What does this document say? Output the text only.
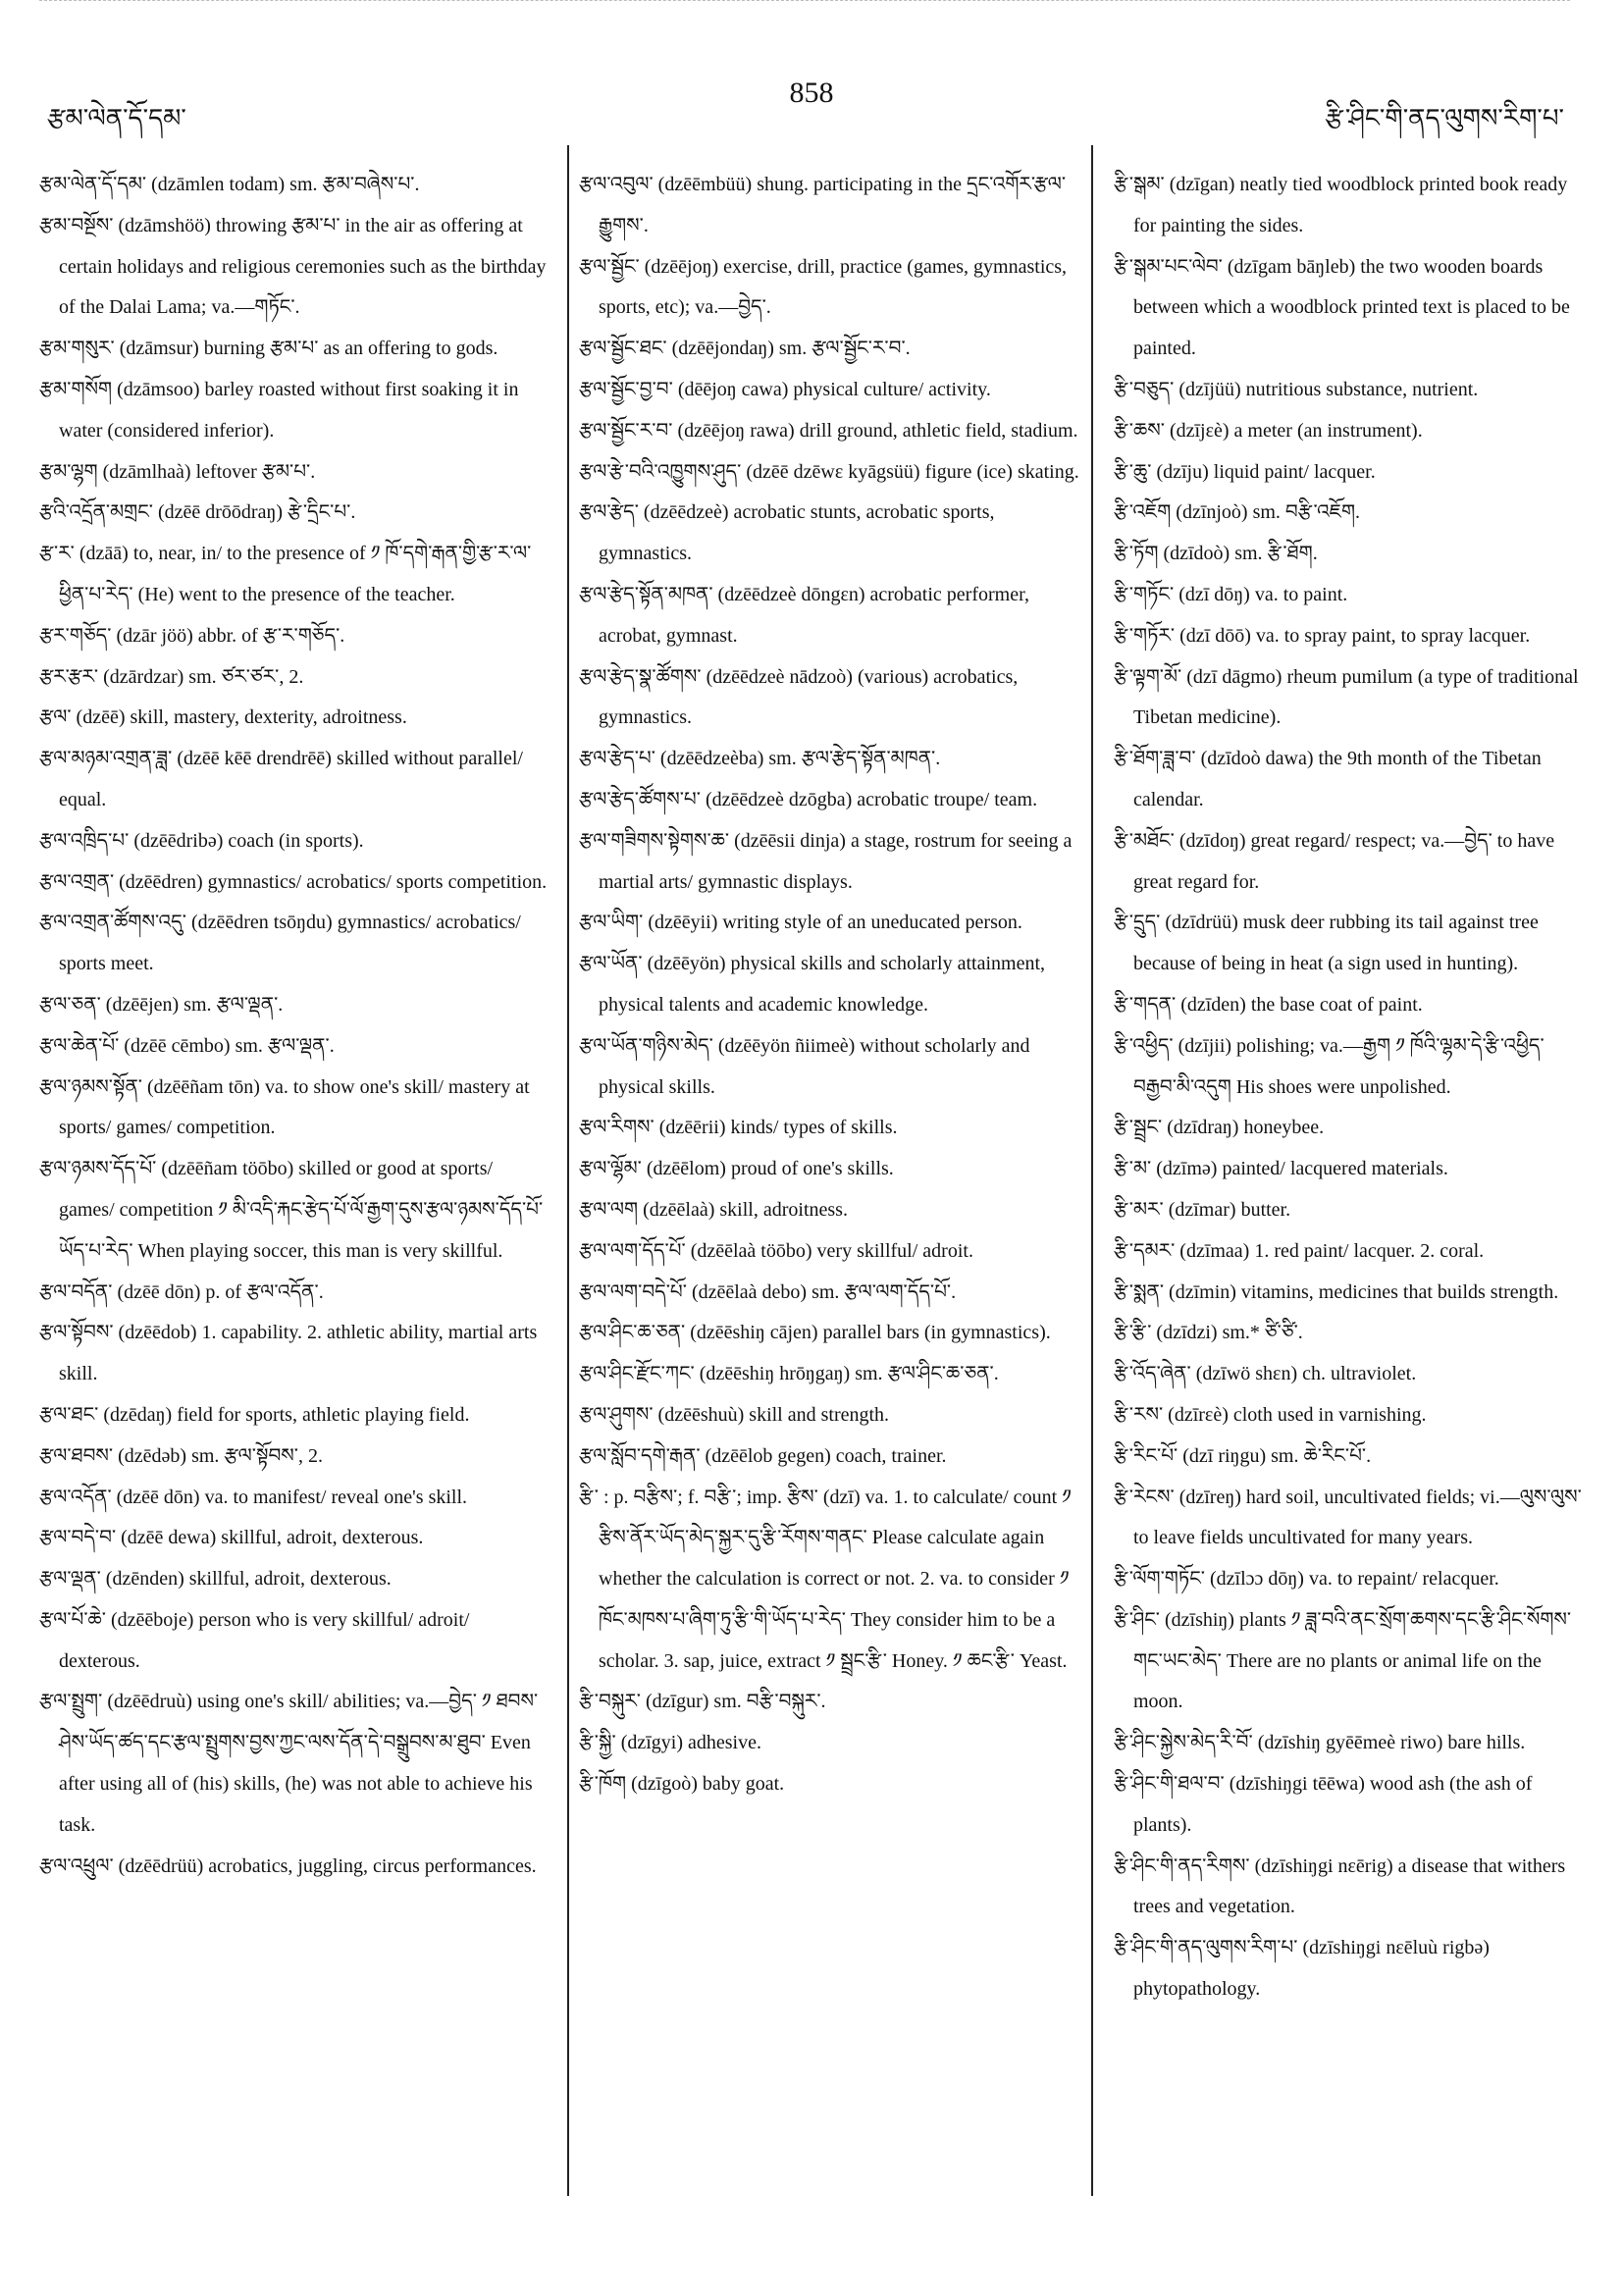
རྩམ་ལེན་དོ་དམ་
858
རྩི་ཤིང་གི་ནད་ལུགས་རིག་པ་

རྩམ་ལེན་དོ་དམ་ (dzāmlen todam) sm. རྩམ་བཞེས་པ་.

རྩམ་བསྔོས་ (dzāmshöö) throwing རྩམ་པ་ in the air as offering at certain holidays and religious ceremonies such as the birthday of the Dalai Lama; va.—གཏོང་.

རྩམ་གསུར་ (dzāmsur) burning རྩམ་པ་ as an offering to gods.

རྩམ་གསོག (dzāmsoo) barley roasted without first soaking it in water (considered inferior).

རྩམ་ལྷག (dzāmlhaà) leftover རྩམ་པ་.

རྩའི་འདྲོན་མགྲང་ (dzēē drōōdraŋ) རྩེ་དྲིང་པ་.

རྩ་ར་ (dzāā) to, near, in/ to the presence of ༡ ཁོ་དགེ་རྒན་གྱི་རྩ་ར་ལ་ཕྱིན་པ་རེད་ (He) went to the presence of the teacher.

རྩར་གཅོད་ (dzār jöö) abbr. of རྩ་ར་གཅོད་.

རྩར་རྩར་ (dzārdzar) sm. ཙར་ཙར་, 2.

རྩལ་ (dzēē) skill, mastery, dexterity, adroitness.

རྩལ་མཉམ་འགྲན་ཟླ་ (dzēē kēē drendrēē) skilled without parallel/ equal.

རྩལ་འཁྲིད་པ་ (dzēēdribə) coach (in sports).

རྩལ་འགྲན་ (dzēēdren) gymnastics/ acrobatics/ sports competition.

རྩལ་འགྲན་ཚོགས་འདུ་ (dzēēdren tsōŋdu) gymnastics/ acrobatics/ sports meet.

རྩལ་ཅན་ (dzēējen) sm. རྩལ་ལྡན་.

རྩལ་ཆེན་པོ་ (dzēē cēmbo) sm. རྩལ་ལྡན་.

རྩལ་ཉམས་སྟོན་ (dzēēñam tōn) va. to show one's skill/ mastery at sports/ games/ competition.

རྩལ་ཉམས་དོད་པོ་ (dzēēñam töōbo) skilled or good at sports/ games/ competition ༡ མི་འདི་རྐང་རྩེད་པོ་ལོ་རྒྱག་དུས་རྩལ་ཉམས་དོད་པོ་ཡོད་པ་རེད་ When playing soccer, this man is very skillful.

རྩལ་བདོན་ (dzēē dōn) p. of རྩལ་འདོན་.

རྩལ་སྟོབས་ (dzēēdob) 1. capability. 2. athletic ability, martial arts skill.

རྩལ་ཐང་ (dzēdaŋ) field for sports, athletic playing field.

རྩལ་ཐབས་ (dzēdəb) sm. རྩལ་སྟོབས་, 2.

རྩལ་འདོན་ (dzēē dōn) va. to manifest/ reveal one's skill.

རྩལ་བདེ་བ་ (dzēē dewa) skillful, adroit, dexterous.

རྩལ་ལྡན་ (dzēnden) skillful, adroit, dexterous.

རྩལ་པོ་ཆེ་ (dzēēboje) person who is very skillful/ adroit/ dexterous.

རྩལ་སྤྲུག་ (dzēēdruù) using one's skill/ abilities; va.—བྱེད་ ༡ ཐབས་ཤེས་ཡོད་ཚད་དང་རྩལ་སྤྲུགས་བྱས་ཀྱང་ལས་དོན་དེ་བསྒྲུབས་མ་ཐུབ་ Even after using all of (his) skills, (he) was not able to achieve his task.

རྩལ་འཕྲུལ་ (dzēēdrüü) acrobatics, juggling, circus performances.

རྩལ་འབུལ་ (dzēēmbüü) shung. participating in the དྲང་འགོར་རྩལ་རྒྱུགས་.

རྩལ་སྦྱོང་ (dzēējoŋ) exercise, drill, practice (games, gymnastics, sports, etc); va.—བྱེད་.

རྩལ་སྦྱོང་ཐང་ (dzēējondaŋ) sm. རྩལ་སྦྱོང་ར་བ་.

རྩལ་སྦྱོང་བྱ་བ་ (dēējoŋ cawa) physical culture/ activity.

རྩལ་སྦྱོང་ར་བ་ (dzēējoŋ rawa) drill ground, athletic field, stadium.

རྩལ་རྩེ་བའི་འཁྱུགས་ཤུད་ (dzēē dzēwε kyāgsüü) figure (ice) skating.

རྩལ་རྩེད་ (dzēēdzeè) acrobatic stunts, acrobatic sports, gymnastics.

རྩལ་རྩེད་སྟོན་མཁན་ (dzēēdzeè dōngεn) acrobatic performer, acrobat, gymnast.

རྩལ་རྩེད་སྣ་ཚོགས་ (dzēēdzeè nādzoò) (various) acrobatics, gymnastics.

རྩལ་རྩེད་པ་ (dzēēdzeèba) sm. རྩལ་རྩེད་སྟོན་མཁན་.

རྩལ་རྩེད་ཚོགས་པ་ (dzēēdzeè dzōgba) acrobatic troupe/ team.

རྩལ་གཟིགས་སྟེགས་ཆ་ (dzēēsii dinja) a stage, rostrum for seeing a martial arts/ gymnastic displays.

རྩལ་ཡིག་ (dzēēyii) writing style of an uneducated person.

རྩལ་ཡོན་ (dzēēyön) physical skills and scholarly attainment, physical talents and academic knowledge.

རྩལ་ཡོན་གཉིས་མེད་ (dzēēyön ñiimeè) without scholarly and physical skills.

རྩལ་རིགས་ (dzēērii) kinds/ types of skills.

རྩལ་ལྷོམ་ (dzēēlom) proud of one's skills.

རྩལ་ལག (dzēēlaà) skill, adroitness.

རྩལ་ལག་དོད་པོ་ (dzēēlaà töōbo) very skillful/ adroit.

རྩལ་ལག་བདེ་པོ་ (dzēēlaà debo) sm. རྩལ་ལག་དོད་པོ་.

རྩལ་ཤིང་ཆ་ཅན་ (dzēēshiŋ cājen) parallel bars (in gymnastics).

རྩལ་ཤིང་རྫོང་ཀང་ (dzēēshiŋ hrōŋgaŋ) sm. རྩལ་ཤིང་ཆ་ཅན་.

རྩལ་ཤུགས་ (dzēēshuù) skill and strength.

རྩལ་སློབ་དགེ་རྒན་ (dzēēlob gegen) coach, trainer.

རྩི་ : p. བརྩིས་; f. བརྩི་; imp. རྩིས་ (dzī) va. 1. to calculate/ count ༡ རྩིས་ནོར་ཡོད་མེད་སྐྱར་དུ་རྩི་རོགས་གནང་ Please calculate again whether the calculation is correct or not. 2. va. to consider ༡ ཁོང་མཁས་པ་ཞིག་ཏུ་རྩི་གི་ཡོད་པ་རེད་ They consider him to be a scholar. 3. sap, juice, extract ༡ སྦྲང་རྩི་ Honey. ༡ ཆང་རྩི་ Yeast.

རྩི་བསྐུར་ (dzīgur) sm. བརྩི་བསྐུར་.

རྩི་སྐྱི་ (dzīgyi) adhesive.

རྩི་ཁོག (dzīgoò) baby goat.

རྩི་སྒམ་ (dzīgan) neatly tied woodblock printed book ready for painting the sides.

རྩི་སྒམ་པང་ལེབ་ (dzīgam bāŋleb) the two wooden boards between which a woodblock printed text is placed to be painted.

རྩི་བཅུད་ (dzījüü) nutritious substance, nutrient.

རྩི་ཆས་ (dzījεè) a meter (an instrument).

རྩི་ཆུ་ (dzīju) liquid paint/ lacquer.

རྩི་འཇོག (dzīnjoò) sm. བརྩི་འཇོག.

རྩི་ཏོག (dzīdoò) sm. རྩི་ཐོག.

རྩི་གཏོང་ (dzī dōŋ) va. to paint.

རྩི་གཏོར་ (dzī dōō) va. to spray paint, to spray lacquer.

རྩི་ལྟག་མོ་ (dzī dāgmo) rheum pumilum (a type of traditional Tibetan medicine).

རྩི་ཐོག་ཟླ་བ་ (dzīdoò dawa) the 9th month of the Tibetan calendar.

རྩི་མཐོང་ (dzīdoŋ) great regard/ respect; va.—བྱེད་ to have great regard for.

རྩི་དྲུད་ (dzīdrüü) musk deer rubbing its tail against tree because of being in heat (a sign used in hunting).

རྩི་གདན་ (dzīden) the base coat of paint.

རྩི་འཕྱིད་ (dzījii) polishing; va.—རྒྱག ༡ ཁོའི་ལྷམ་དེ་རྩི་འཕྱིད་བརྒྱབ་མི་འདུག His shoes were unpolished.

རྩི་སྦྲང་ (dzīdraŋ) honeybee.

རྩི་མ་ (dzīmə) painted/ lacquered materials.

རྩི་མར་ (dzīmar) butter.

རྩི་དམར་ (dzīmaa) 1. red paint/ lacquer. 2. coral.

རྩི་སྨན་ (dzīmin) vitamins, medicines that builds strength.

རྩི་རྩི་ (dzīdzi) sm.* ཙི་ཙི་.

རྩི་འོད་ཞེན་ (dzīwö shεn) ch. ultraviolet.

རྩི་རས་ (dzīrεè) cloth used in varnishing.

རྩི་རིང་པོ་ (dzī riŋgu) sm. ཆེ་རིང་པོ་.

རྩི་རེངས་ (dzīreŋ) hard soil, uncultivated fields; vi.—ལུས་ལུས་ to leave fields uncultivated for many years.

རྩི་ལོག་གཏོང་ (dzīlɔɔ dōŋ) va. to repaint/ relacquer.

རྩི་ཤིང་ (dzīshiŋ) plants ༡ ཟླ་བའི་ནང་སྲོག་ཆགས་དང་རྩི་ཤིང་སོགས་གང་ཡང་མེད་ There are no plants or animal life on the moon.

རྩི་ཤིང་སྐྱེས་མེད་རི་བོ་ (dzīshiŋ gyēēmeè riwo) bare hills.

རྩི་ཤིང་གི་ཐལ་བ་ (dzīshiŋgi tēēwa) wood ash (the ash of plants).

རྩི་ཤིང་གི་ནད་རིགས་ (dzīshiŋgi nεērig) a disease that withers trees and vegetation.

རྩི་ཤིང་གི་ནད་ལུགས་རིག་པ་ (dzīshiŋgi nεēluù rigbə) phytopathology.
